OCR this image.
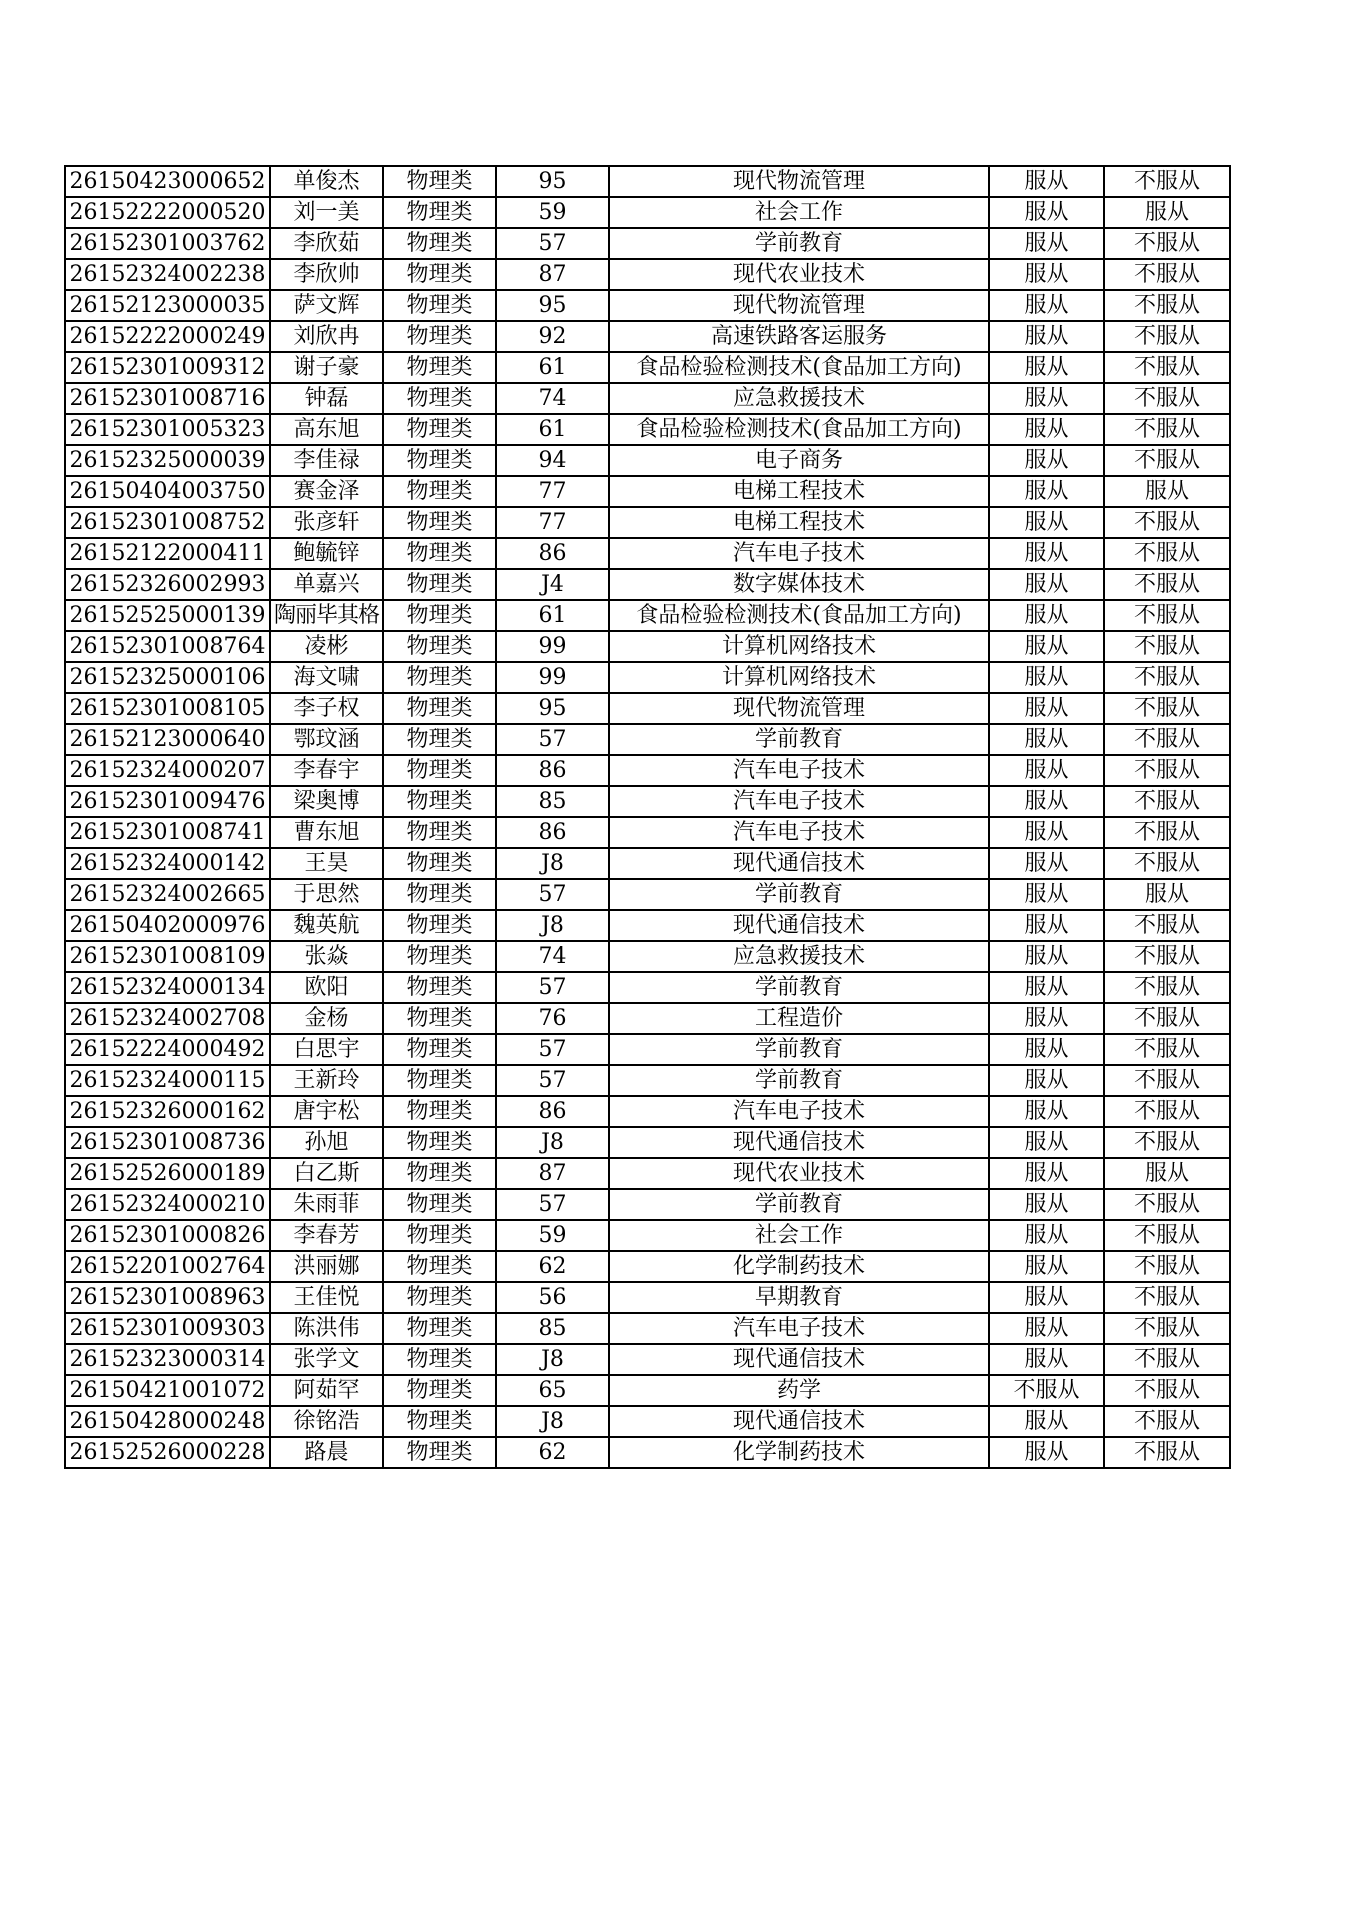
26150423000652	单俊杰	物理类	95	现代物流管理	服从	不服从
26152222000520	刘一美	物理类	59	社会工作	服从	服从
26152301003762	李欣茹	物理类	57	学前教育	服从	不服从
26152324002238	李欣帅	物理类	87	现代农业技术	服从	不服从
26152123000035	萨文辉	物理类	95	现代物流管理	服从	不服从
26152222000249	刘欣冉	物理类	92	高速铁路客运服务	服从	不服从
26152301009312	谢子豪	物理类	61	食品检验检测技术(食品加工方向)	服从	不服从
26152301008716	钟磊	物理类	74	应急救援技术	服从	不服从
26152301005323	高东旭	物理类	61	食品检验检测技术(食品加工方向)	服从	不服从
26152325000039	李佳禄	物理类	94	电子商务	服从	不服从
26150404003750	赛金泽	物理类	77	电梯工程技术	服从	服从
26152301008752	张彦轩	物理类	77	电梯工程技术	服从	不服从
26152122000411	鲍毓锌	物理类	86	汽车电子技术	服从	不服从
26152326002993	单嘉兴	物理类	J4	数字媒体技术	服从	不服从
26152525000139	陶丽毕其格	物理类	61	食品检验检测技术(食品加工方向)	服从	不服从
26152301008764	凌彬	物理类	99	计算机网络技术	服从	不服从
26152325000106	海文啸	物理类	99	计算机网络技术	服从	不服从
26152301008105	李子权	物理类	95	现代物流管理	服从	不服从
26152123000640	鄂玟涵	物理类	57	学前教育	服从	不服从
26152324000207	李春宇	物理类	86	汽车电子技术	服从	不服从
26152301009476	梁奥博	物理类	85	汽车电子技术	服从	不服从
26152301008741	曹东旭	物理类	86	汽车电子技术	服从	不服从
26152324000142	王昊	物理类	J8	现代通信技术	服从	不服从
26152324002665	于思然	物理类	57	学前教育	服从	服从
26150402000976	魏英航	物理类	J8	现代通信技术	服从	不服从
26152301008109	张焱	物理类	74	应急救援技术	服从	不服从
26152324000134	欧阳	物理类	57	学前教育	服从	不服从
26152324002708	金杨	物理类	76	工程造价	服从	不服从
26152224000492	白思宇	物理类	57	学前教育	服从	不服从
26152324000115	王新玲	物理类	57	学前教育	服从	不服从
26152326000162	唐宇松	物理类	86	汽车电子技术	服从	不服从
26152301008736	孙旭	物理类	J8	现代通信技术	服从	不服从
26152526000189	白乙斯	物理类	87	现代农业技术	服从	服从
26152324000210	朱雨菲	物理类	57	学前教育	服从	不服从
26152301000826	李春芳	物理类	59	社会工作	服从	不服从
26152201002764	洪丽娜	物理类	62	化学制药技术	服从	不服从
26152301008963	王佳悦	物理类	56	早期教育	服从	不服从
26152301009303	陈洪伟	物理类	85	汽车电子技术	服从	不服从
26152323000314	张学文	物理类	J8	现代通信技术	服从	不服从
26150421001072	阿茹罕	物理类	65	药学	不服从	不服从
26150428000248	徐铭浩	物理类	J8	现代通信技术	服从	不服从
26152526000228	路晨	物理类	62	化学制药技术	服从	不服从
